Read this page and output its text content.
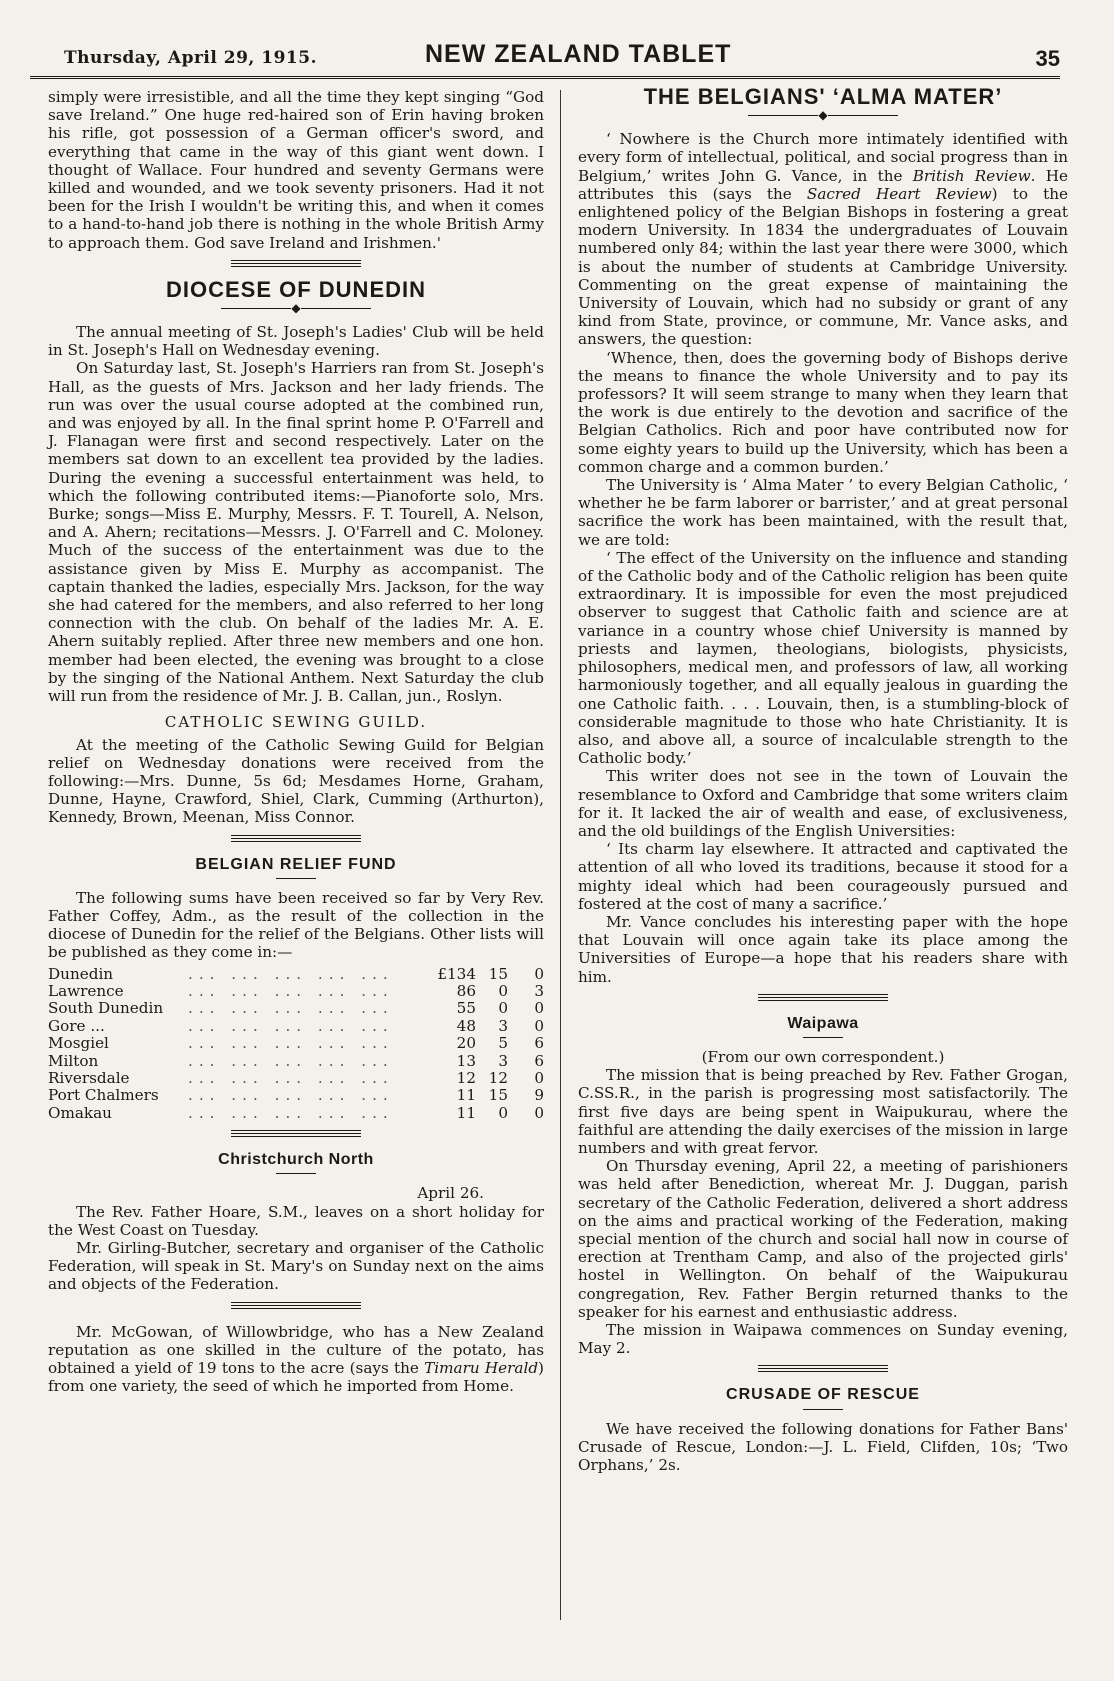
Thursday, April 29, 1915.	NEW ZEALAND TABLET	35

simply were irresistible, and all the time they kept singing “God save Ireland.” One huge red-haired son of Erin having broken his rifle, got possession of a German officer's sword, and everything that came in the way of this giant went down. I thought of Wallace. Four hundred and seventy Germans were killed and wounded, and we took seventy prisoners. Had it not been for the Irish I wouldn't be writing this, and when it comes to a hand-to-hand job there is nothing in the whole British Army to approach them. God save Ireland and Irishmen.'

DIOCESE OF DUNEDIN
◆

The annual meeting of St. Joseph's Ladies' Club will be held in St. Joseph's Hall on Wednesday evening.

On Saturday last, St. Joseph's Harriers ran from St. Joseph's Hall, as the guests of Mrs. Jackson and her lady friends. The run was over the usual course adopted at the combined run, and was enjoyed by all. In the final sprint home P. O'Farrell and J. Flanagan were first and second respectively. Later on the members sat down to an excellent tea provided by the ladies. During the evening a successful entertainment was held, to which the following contributed items:—Pianoforte solo, Mrs. Burke; songs—Miss E. Murphy, Messrs. F. T. Tourell, A. Nelson, and A. Ahern; recitations—Messrs. J. O'Farrell and C. Moloney. Much of the success of the entertainment was due to the assistance given by Miss E. Murphy as accompanist. The captain thanked the ladies, especially Mrs. Jackson, for the way she had catered for the members, and also referred to her long connection with the club. On behalf of the ladies Mr. A. E. Ahern suitably replied. After three new members and one hon. member had been elected, the evening was brought to a close by the singing of the National Anthem. Next Saturday the club will run from the residence of Mr. J. B. Callan, jun., Roslyn.

CATHOLIC SEWING GUILD.

At the meeting of the Catholic Sewing Guild for Belgian relief on Wednesday donations were received from the following:—Mrs. Dunne, 5s 6d; Mesdames Horne, Graham, Dunne, Hayne, Crawford, Shiel, Clark, Cumming (Arthurton), Kennedy, Brown, Meenan, Miss Connor.

BELGIAN RELIEF FUND

The following sums have been received so far by Very Rev. Father Coffey, Adm., as the result of the collection in the diocese of Dunedin for the relief of the Belgians. Other lists will be published as they come in:—

Dunedin	... ... ... ... ...	£134 15	0
Lawrence	... ... ... ... ...	86	0	3
South Dunedin	... ... ... ... ...	55	0	0
Gore ...	... ... ... ... ...	48	3	0
Mosgiel	... ... ... ... ...	20	5	6
Milton	... ... ... ... ...	13	3	6
Riversdale	... ... ... ... ...	12 12	0
Port Chalmers	... ... ... ... ...	11 15	9
Omakau	... ... ... ... ...	11	0	0
Christchurch North

April 26.

The Rev. Father Hoare, S.M., leaves on a short holiday for the West Coast on Tuesday.

Mr. Girling-Butcher, secretary and organiser of the Catholic Federation, will speak in St. Mary's on Sunday next on the aims and objects of the Federation.

Mr. McGowan, of Willowbridge, who has a New Zealand reputation as one skilled in the culture of the potato, has obtained a yield of 19 tons to the acre (says the Timaru Herald) from one variety, the seed of which he imported from Home.

THE BELGIANS' ‘ALMA MATER’
◆

‘ Nowhere is the Church more intimately identified with every form of intellectual, political, and social progress than in Belgium,’ writes John G. Vance, in the British Review. He attributes this (says the Sacred Heart Review) to the enlightened policy of the Belgian Bishops in fostering a great modern University. In 1834 the undergraduates of Louvain numbered only 84; within the last year there were 3000, which is about the number of students at Cambridge University. Commenting on the great expense of maintaining the University of Louvain, which had no subsidy or grant of any kind from State, province, or commune, Mr. Vance asks, and answers, the question:

‘Whence, then, does the governing body of Bishops derive the means to finance the whole University and to pay its professors? It will seem strange to many when they learn that the work is due entirely to the devotion and sacrifice of the Belgian Catholics. Rich and poor have contributed now for some eighty years to build up the University, which has been a common charge and a common burden.’

The University is ‘ Alma Mater ’ to every Belgian Catholic, ‘ whether he be farm laborer or barrister,’ and at great personal sacrifice the work has been maintained, with the result that, we are told:

‘ The effect of the University on the influence and standing of the Catholic body and of the Catholic religion has been quite extraordinary. It is impossible for even the most prejudiced observer to suggest that Catholic faith and science are at variance in a country whose chief University is manned by priests and laymen, theologians, biologists, physicists, philosophers, medical men, and professors of law, all working harmoniously together, and all equally jealous in guarding the one Catholic faith. . . . Louvain, then, is a stumbling-block of considerable magnitude to those who hate Christianity. It is also, and above all, a source of incalculable strength to the Catholic body.’

This writer does not see in the town of Louvain the resemblance to Oxford and Cambridge that some writers claim for it. It lacked the air of wealth and ease, of exclusiveness, and the old buildings of the English Universities:

‘ Its charm lay elsewhere. It attracted and captivated the attention of all who loved its traditions, because it stood for a mighty ideal which had been courageously pursued and fostered at the cost of many a sacrifice.’

Mr. Vance concludes his interesting paper with the hope that Louvain will once again take its place among the Universities of Europe—a hope that his readers share with him.

Waipawa

(From our own correspondent.)

The mission that is being preached by Rev. Father Grogan, C.SS.R., in the parish is progressing most satisfactorily. The first five days are being spent in Waipukurau, where the faithful are attending the daily exercises of the mission in large numbers and with great fervor.

On Thursday evening, April 22, a meeting of parishioners was held after Benediction, whereat Mr. J. Duggan, parish secretary of the Catholic Federation, delivered a short address on the aims and practical working of the Federation, making special mention of the church and social hall now in course of erection at Trentham Camp, and also of the projected girls' hostel in Wellington. On behalf of the Waipukurau congregation, Rev. Father Bergin returned thanks to the speaker for his earnest and enthusiastic address.

The mission in Waipawa commences on Sunday evening, May 2.

CRUSADE OF RESCUE

We have received the following donations for Father Bans' Crusade of Rescue, London:—J. L. Field, Clifden, 10s; ‘Two Orphans,’ 2s.
